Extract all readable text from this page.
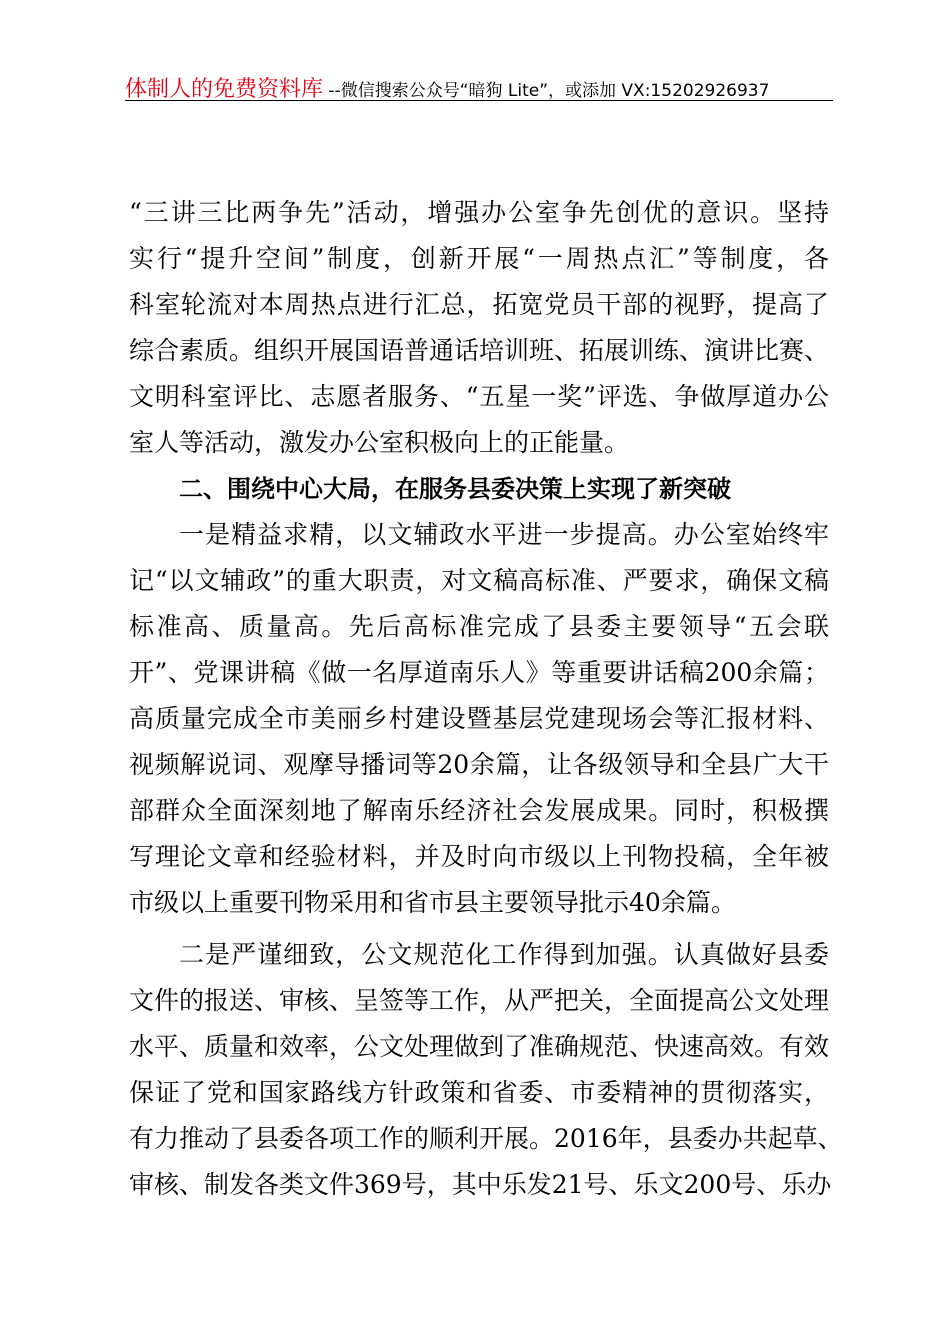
体制人的免费资料库 --微信搜索公众号“暗狗 Lite”，或添加 VX:15202926937
“三讲三比两争先”活动，增强办公室争先创优的意识。坚持
实行“提升空间”制度，创新开展“一周热点汇”等制度，各
科室轮流对本周热点进行汇总，拓宽党员干部的视野，提高了
综合素质。组织开展国语普通话培训班、拓展训练、演讲比赛、
文明科室评比、志愿者服务、“五星一奖”评选、争做厚道办公
室人等活动，激发办公室积极向上的正能量。
二、围绕中心大局，在服务县委决策上实现了新突破
一是精益求精，以文辅政水平进一步提高。办公室始终牢
记“以文辅政”的重大职责，对文稿高标准、严要求，确保文稿
标准高、质量高。先后高标准完成了县委主要领导“五会联
开”、党课讲稿《做一名厚道南乐人》等重要讲话稿200余篇；
高质量完成全市美丽乡村建设暨基层党建现场会等汇报材料、
视频解说词、观摩导播词等20余篇，让各级领导和全县广大干
部群众全面深刻地了解南乐经济社会发展成果。同时，积极撰
写理论文章和经验材料，并及时向市级以上刊物投稿，全年被
市级以上重要刊物采用和省市县主要领导批示40余篇。
二是严谨细致，公文规范化工作得到加强。认真做好县委
文件的报送、审核、呈签等工作，从严把关，全面提高公文处理
水平、质量和效率，公文处理做到了准确规范、快速高效。有效
保证了党和国家路线方针政策和省委、市委精神的贯彻落实，
有力推动了县委各项工作的顺利开展。2016年，县委办共起草、
审核、制发各类文件369号，其中乐发21号、乐文200号、乐办
